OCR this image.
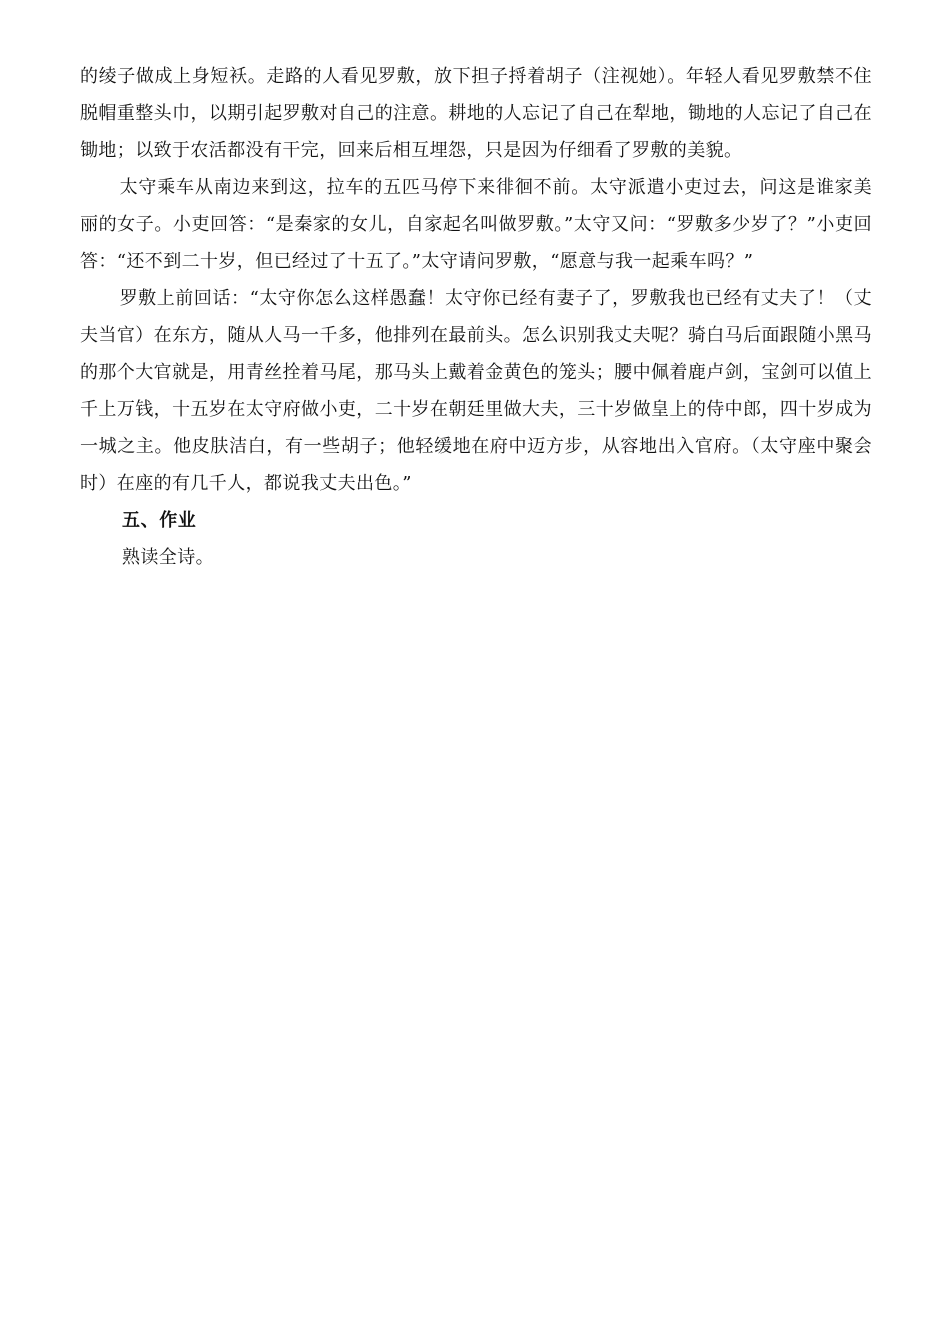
的绫子做成上身短袄。走路的人看见罗敷，放下担子捋着胡子（注视她）。年轻人看见罗敷禁不住脱帽重整头巾，以期引起罗敷对自己的注意。耕地的人忘记了自己在犁地，锄地的人忘记了自己在锄地；以致于农活都没有干完，回来后相互埋怨，只是因为仔细看了罗敷的美貌。

太守乘车从南边来到这，拉车的五匹马停下来徘徊不前。太守派遣小吏过去，问这是谁家美丽的女子。小吏回答：“是秦家的女儿，自家起名叫做罗敷。”太守又问：“罗敷多少岁了？”小吏回答：“还不到二十岁，但已经过了十五了。”太守请问罗敷，“愿意与我一起乘车吗？”

罗敷上前回话：“太守你怎么这样愚蠢！太守你已经有妻子了，罗敷我也已经有丈夫了！（丈夫当官）在东方，随从人马一千多，他排列在最前头。怎么识别我丈夫呢？骑白马后面跟随小黑马的那个大官就是，用青丝拴着马尾，那马头上戴着金黄色的笼头；腰中佩着鹿卢剑，宝剑可以值上千上万钱，十五岁在太守府做小吏，二十岁在朝廷里做大夫，三十岁做皇上的侍中郎，四十岁成为一城之主。他皮肤洁白，有一些胡子；他轻缓地在府中迈方步，从容地出入官府。（太守座中聚会时）在座的有几千人，都说我丈夫出色。”

五、作业

熟读全诗。
